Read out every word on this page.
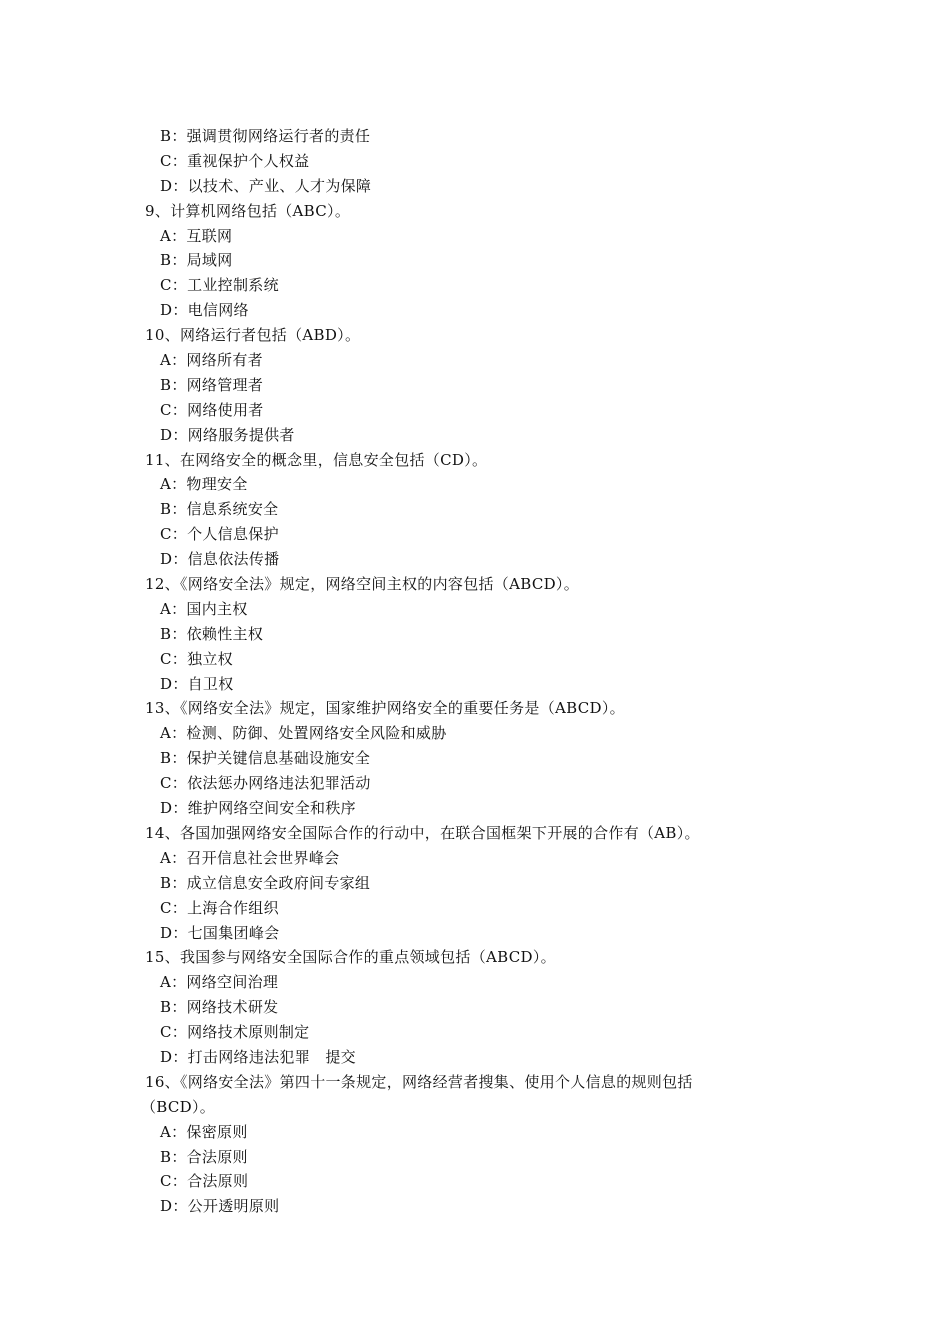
B：强调贯彻网络运行者的责任
C：重视保护个人权益
D：以技术、产业、人才为保障
9、计算机网络包括（ABC）。
A：互联网
B：局域网
C：工业控制系统
D：电信网络
10、网络运行者包括（ABD）。
A：网络所有者
B：网络管理者
C：网络使用者
D：网络服务提供者
11、在网络安全的概念里，信息安全包括（CD）。
A：物理安全
B：信息系统安全
C：个人信息保护
D：信息依法传播
12、《网络安全法》规定，网络空间主权的内容包括（ABCD）。
A：国内主权
B：依赖性主权
C：独立权
D：自卫权
13、《网络安全法》规定，国家维护网络安全的重要任务是（ABCD）。
A：检测、防御、处置网络安全风险和威胁
B：保护关键信息基础设施安全
C：依法惩办网络违法犯罪活动
D：维护网络空间安全和秩序
14、各国加强网络安全国际合作的行动中，在联合国框架下开展的合作有（AB）。
A：召开信息社会世界峰会
B：成立信息安全政府间专家组
C：上海合作组织
D：七国集团峰会
15、我国参与网络安全国际合作的重点领域包括（ABCD）。
A：网络空间治理
B：网络技术研发
C：网络技术原则制定
D：打击网络违法犯罪　提交
16、《网络安全法》第四十一条规定，网络经营者搜集、使用个人信息的规则包括
（BCD）。
A：保密原则
B：合法原则
C：合法原则
D：公开透明原则
